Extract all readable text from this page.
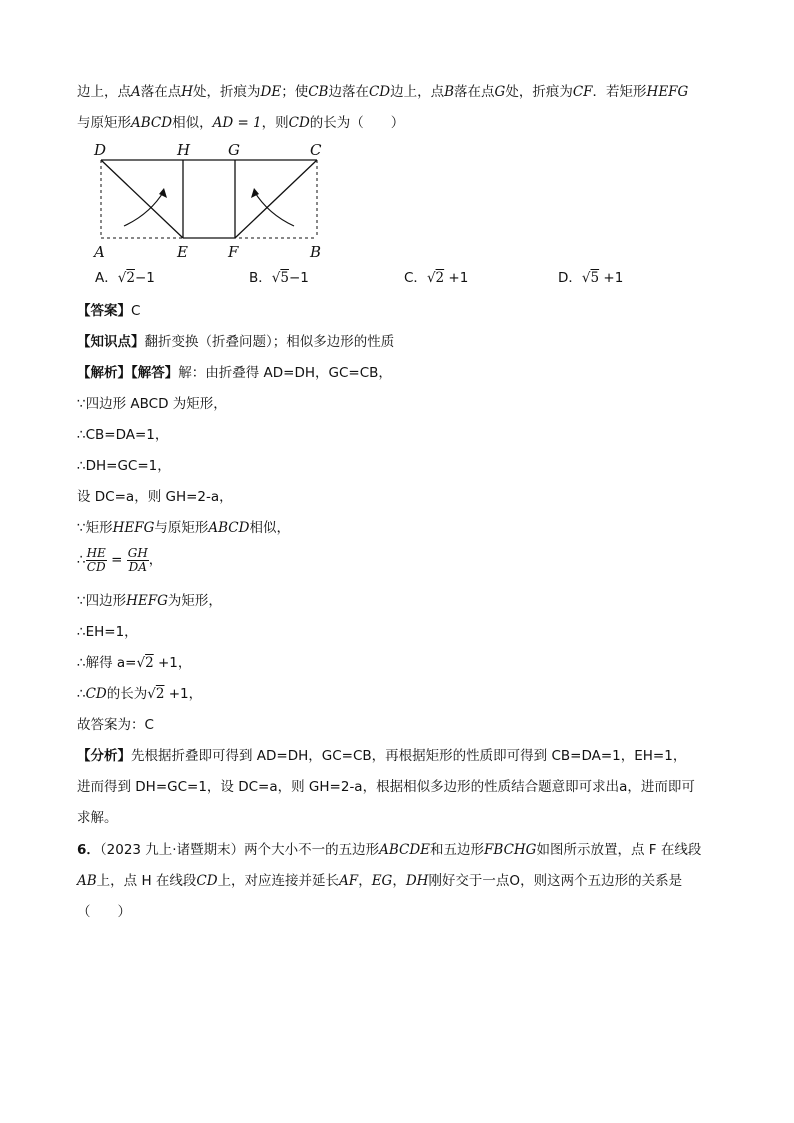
边上，点A落在点H处，折痕为DE；使CB边落在CD边上，点B落在点G处，折痕为CF．若矩形HEFG
与原矩形ABCD相似，AD = 1，则CD的长为（　　）
D	H	G	C
A	E	F	B
A．√2−1	B．√5−1	C．√2 +1	D．√5 +1
【答案】C
【知识点】翻折变换（折叠问题）；相似多边形的性质
【解析】【解答】解：由折叠得 AD=DH，GC=CB，
∵四边形 ABCD 为矩形，
∴CB=DA=1，
∴DH=GC=1，
设 DC=a，则 GH=2-a，
∵矩形HEFG与原矩形ABCD相似，
∴ $\frac{HE}{CD} = \frac{GH}{DA}$ ，
∵四边形HEFG为矩形，
∴EH=1，
∴解得 a=√2 +1，
∴CD的长为√2 +1，
故答案为：C
【分析】先根据折叠即可得到 AD=DH，GC=CB，再根据矩形的性质即可得到 CB=DA=1，EH=1，
进而得到 DH=GC=1，设 DC=a，则 GH=2-a，根据相似多边形的性质结合题意即可求出a，进而即可
求解。
6．（2023 九上·诸暨期末）两个大小不一的五边形ABCDE和五边形FBCHG如图所示放置，点 F 在线段
AB上，点 H 在线段CD上，对应连接并延长AF，EG，DH刚好交于一点O，则这两个五边形的关系是
（　　）
